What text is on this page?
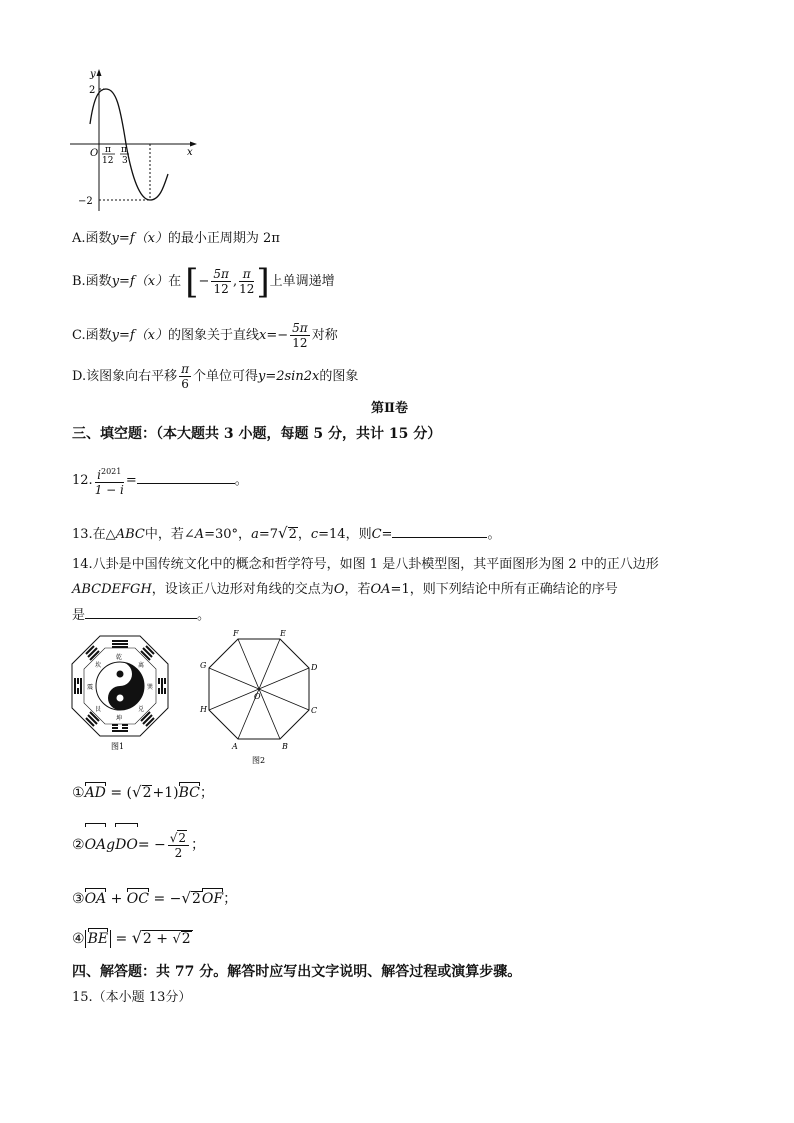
y
x
O
2
−2
π
12
π
3
A.函数y=f（x）的最小正周期为 2π
B.函数y=f（x）在 [− $\frac{5\pi}{12}$ , $\frac{\pi}{12}$ ]上单调递增
C.函数y=f（x）的图象关于直线$x=- \frac{5\pi}{12}$ 对称
D.该图象向右平移 $\frac{\pi}{6}$ 个单位可得y=2sin2x的图象
第Ⅱ卷
三、填空题：（本大题共 3 小题，每题 5 分，共计 15 分）
12. $\frac{i^{2021}}{1 - i}$ =	。
13.在△ABC中，若∠A=30°，a=7√2，c=14，则C=	。
14.八卦是中国传统文化中的概念和哲学符号，如图 1 是八卦模型图，其平面图形为图 2 中的正八边形
ABCDEFGH，设该正八边形对角线的交点为O，若OA=1，则下列结论中所有正确结论的序号
是	。
乾
坤
震	巽
坎	离
艮	兑
图1	A	B
C
D
E
F
G
H
O
图2
①AD = (√2+1)BC；
②OAgDO= − $\frac{√2}{2}$ ；
③OA + OC = −√2OF；
④ BE = √2 + √2
四、解答题：共 77 分。解答时应写出文字说明、解答过程或演算步骤。
15.（本小题 13分）
